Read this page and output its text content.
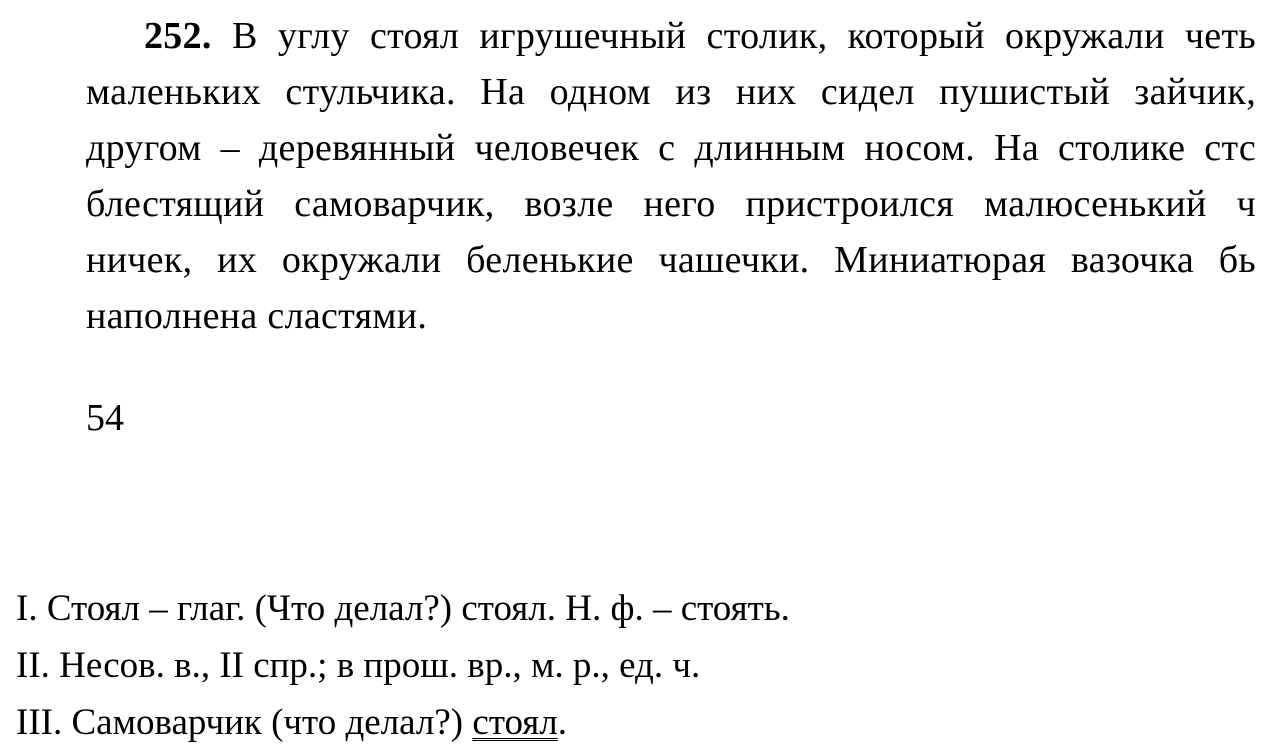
252. В углу стоял игрушечный столик, который окружали четь
маленьких стульчика. На одном из них сидел пушистый зайчик,
другом – деревянный человечек с длинным носом. На столике стс
блестящий самоварчик, возле него пристроился малюсенький ч
ничек, их окружали беленькие чашечки. Миниатюрая вазочка бь
наполнена сластями.
54
I. Стоял – глаг. (Что делал?) стоял. Н. ф. – стоять.
II. Несов. в., II спр.; в прош. вр., м. р., ед. ч.
III. Самоварчик (что делал?) стоял.
